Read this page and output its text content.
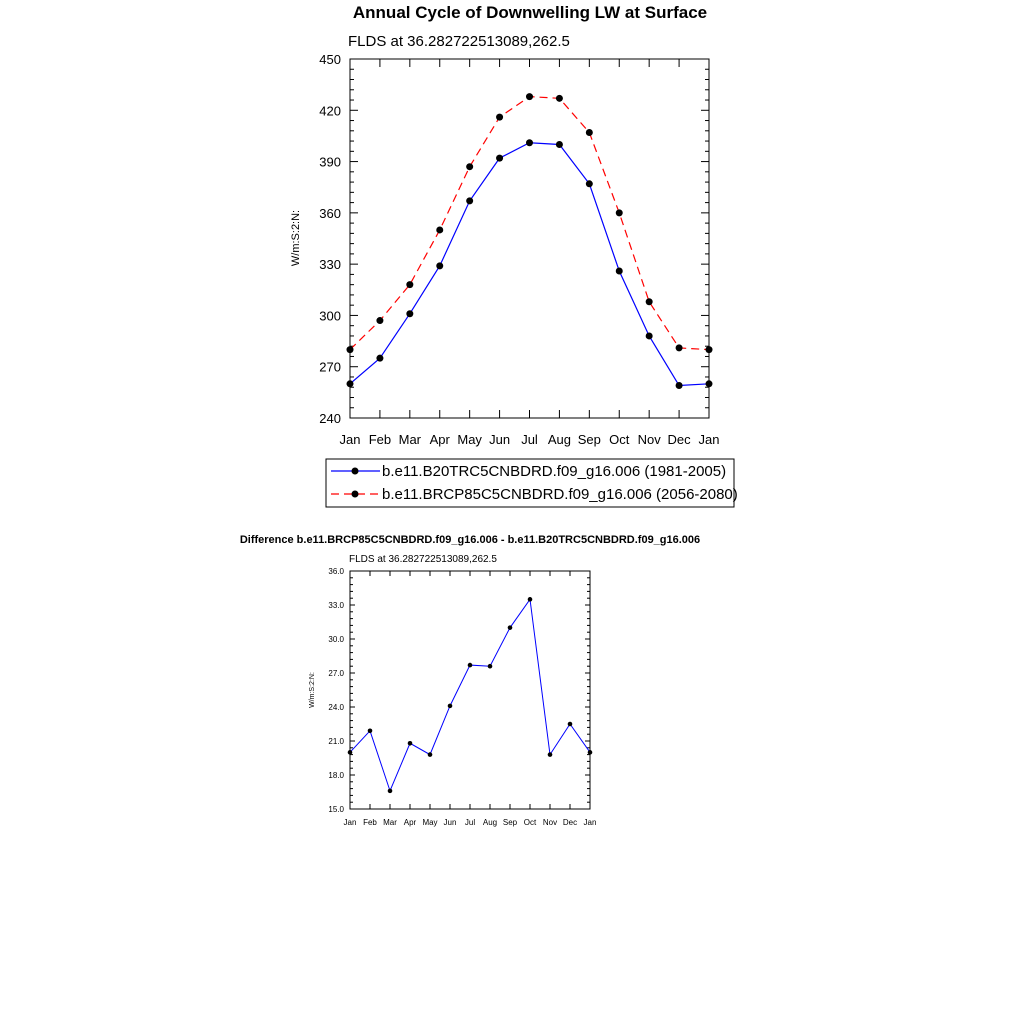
Annual Cycle of Downwelling LW at Surface
FLDS at 36.282722513089,262.5
W/m:S:2:N:
240
270
300
330
360
390
420
450
Jan Feb Mar Apr May Jun Jul Aug Sep Oct Nov Dec Jan
b.e11.B20TRC5CNBDRD.f09_g16.006 (1981-2005)
b.e11.BRCP85C5CNBDRD.f09_g16.006 (2056-2080)
Difference b.e11.BRCP85C5CNBDRD.f09_g16.006 - b.e11.B20TRC5CNBDRD.f09_g16.006
FLDS at 36.282722513089,262.5
W/m:S:2:N:
15.0
18.0
21.0
24.0
27.0
30.0
33.0
36.0
Jan Feb Mar Apr May Jun Jul Aug Sep Oct Nov Dec Jan
